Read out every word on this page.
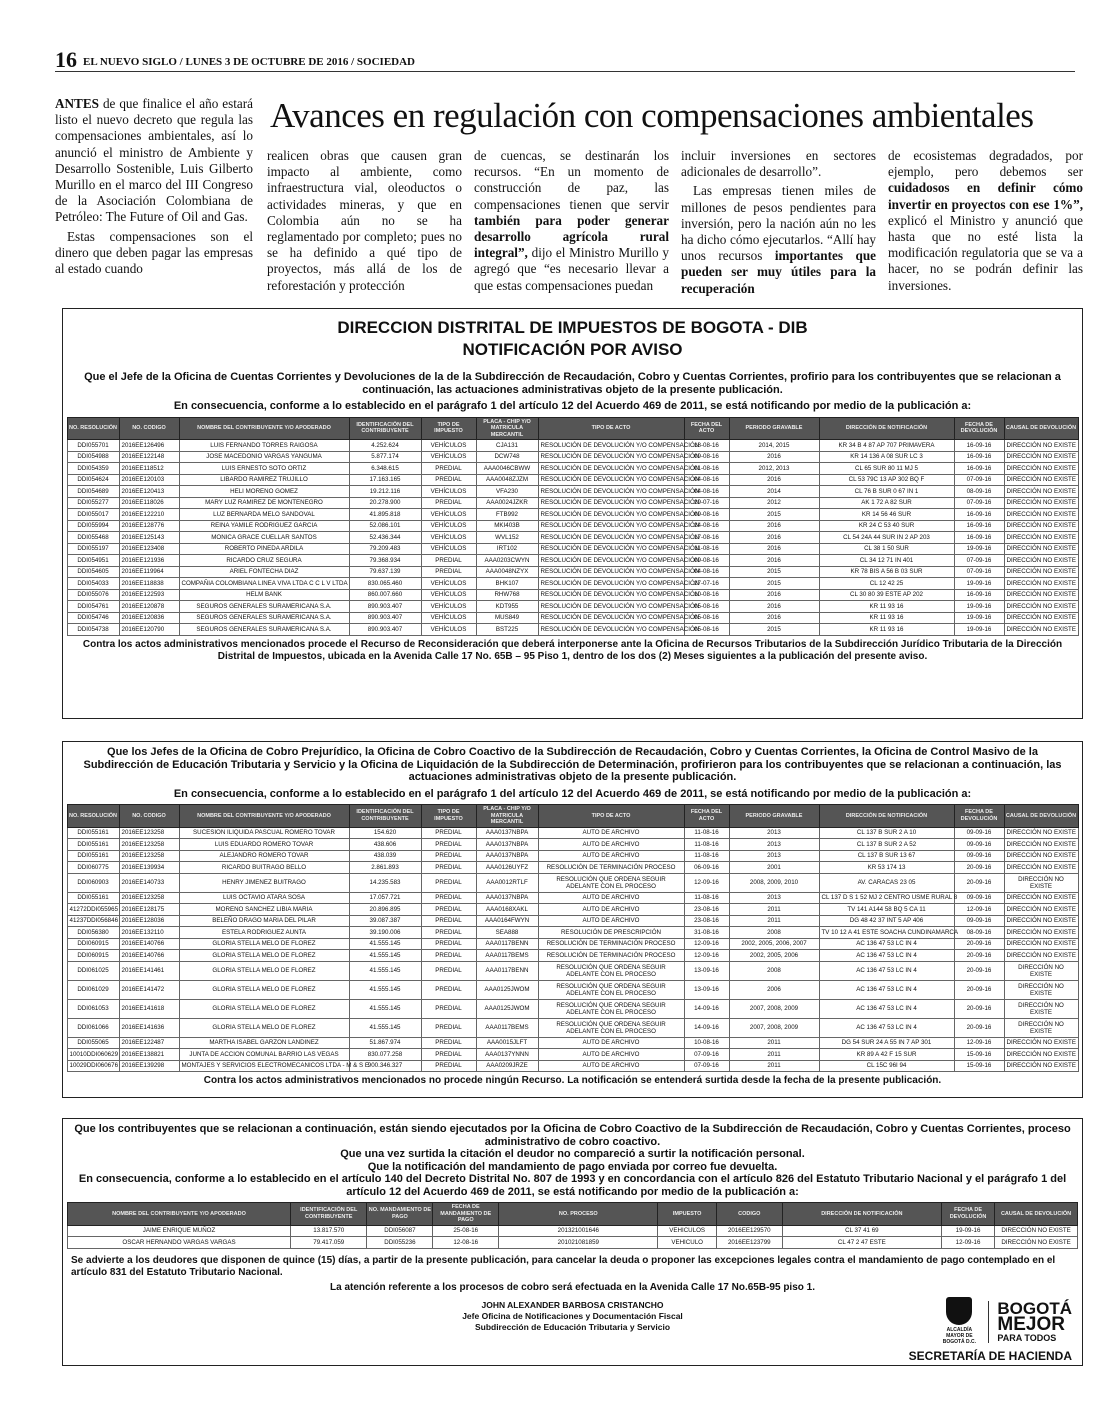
16 EL NUEVO SIGLO / LUNES 3 DE OCTUBRE DE 2016 / SOCIEDAD

ANTES de que finalice el año estará listo el nuevo decreto que regula las compensaciones ambientales, así lo anunció el ministro de Ambiente y Desarrollo Sostenible, Luis Gilberto Murillo en el marco del III Congreso de la Asociación Colombiana de Petróleo: The Future of Oil and Gas.

Estas compensaciones son el dinero que deben pagar las empresas al estado cuando

Avances en regulación con compensaciones ambientales

realicen obras que causen gran impacto al ambiente, como infraestructura vial, oleoductos o actividades mineras, y que en Colombia aún no se ha reglamentado por completo; pues no se ha definido a qué tipo de proyectos, más allá de los de reforestación y protección

de cuencas, se destinarán los recursos. “En un momento de construcción de paz, las compensaciones tienen que servir también para poder generar desarrollo agrícola rural integral”, dijo el Ministro Murillo y agregó que “es necesario llevar a que estas compensaciones puedan

incluir inversiones en sectores adicionales de desarrollo”.

Las empresas tienen miles de millones de pesos pendientes para inversión, pero la nación aún no les ha dicho cómo ejecutarlos. “Allí hay unos recursos importantes que pueden ser muy útiles para la recuperación

de ecosistemas degradados, por ejemplo, pero debemos ser cuidadosos en definir cómo invertir en proyectos con ese 1%”, explicó el Ministro y anunció que hasta que no esté lista la modificación regulatoria que se va a hacer, no se podrán definir las inversiones.

DIRECCION DISTRITAL DE IMPUESTOS DE BOGOTA - DIB
NOTIFICACIÓN POR AVISO
Que el Jefe de la Oficina de Cuentas Corrientes y Devoluciones de la de la Subdirección de Recaudación, Cobro y Cuentas Corrientes, profirio para los contribuyentes que se relacionan a continuación, las actuaciones administrativas objeto de la presente publicación.
En consecuencia, conforme a lo establecido en el parágrafo 1 del artículo 12 del Acuerdo 469 de 2011, se está notificando por medio de la publicación a:
NO. RESOLUCIÓN	NO. CODIGO	NOMBRE DEL CONTRIBUYENTE Y/O APODERADO	IDENTIFICACIÓN DEL CONTRIBUYENTE	TIPO DE IMPUESTO	PLACA - CHIP Y/O MATRICULA MERCANTIL	TIPO DE ACTO	FECHA DEL ACTO	PERIODO GRAVABLE	DIRECCIÓN DE NOTIFICACIÓN	FECHA DE DEVOLUCIÓN	CAUSAL DE DEVOLUCIÓN
DDI055701	2016EE126496	LUIS FERNANDO TORRES RAIGOSA	4.252.624	VEHÍCULOS	CJA131	RESOLUCIÓN DE DEVOLUCIÓN Y/O COMPENSACIÓN	18-08-16	2014, 2015	KR 34 B 4 87 AP 707 PRIMAVERA	16-09-16	DIRECCIÓN NO EXISTE
DDI054988	2016EE122148	JOSE MACEDONIO VARGAS YANGUMA	5.877.174	VEHÍCULOS	DCW748	RESOLUCIÓN DE DEVOLUCIÓN Y/O COMPENSACIÓN	09-08-16	2016	KR 14 136 A 08 SUR LC 3	16-09-16	DIRECCIÓN NO EXISTE
DDI054359	2016EE118512	LUIS ERNESTO SOTO ORTIZ	6.348.615	PREDIAL	AAA0046CBWW	RESOLUCIÓN DE DEVOLUCIÓN Y/O COMPENSACIÓN	01-08-16	2012, 2013	CL 65 SUR 80 11 MJ 5	16-09-16	DIRECCIÓN NO EXISTE
DDI054624	2016EE120103	LIBARDO RAMIREZ TRUJILLO	17.163.165	PREDIAL	AAA0048ZJZM	RESOLUCIÓN DE DEVOLUCIÓN Y/O COMPENSACIÓN	04-08-16	2016	CL 53 79C 13 AP 302 BQ F	07-09-16	DIRECCIÓN NO EXISTE
DDI054689	2016EE120413	HELI MORENO GOMEZ	19.212.116	VEHÍCULOS	VFA230	RESOLUCIÓN DE DEVOLUCIÓN Y/O COMPENSACIÓN	04-08-16	2014	CL 76 B SUR 0 67 IN 1	08-09-16	DIRECCIÓN NO EXISTE
DDI055277	2016EE118026	MARY LUZ RAMIREZ DE MONTENEGRO	20.278.900	PREDIAL	AAA0024JZKR	RESOLUCIÓN DE DEVOLUCIÓN Y/O COMPENSACIÓN	29-07-16	2012	AK 1 72 A 82 SUR	07-09-16	DIRECCIÓN NO EXISTE
DDI055017	2016EE122210	LUZ BERNARDA MELO SANDOVAL	41.895.818	VEHÍCULOS	FTB992	RESOLUCIÓN DE DEVOLUCIÓN Y/O COMPENSACIÓN	09-08-16	2015	KR 14 56 46 SUR	16-09-16	DIRECCIÓN NO EXISTE
DDI055994	2016EE128776	REINA YAMILE RODRIGUEZ GARCIA	52.086.101	VEHÍCULOS	MKI403B	RESOLUCIÓN DE DEVOLUCIÓN Y/O COMPENSACIÓN	24-08-16	2016	KR 24 C 53 40 SUR	16-09-16	DIRECCIÓN NO EXISTE
DDI055468	2016EE125143	MONICA GRACE CUELLAR SANTOS	52.436.344	VEHÍCULOS	WVL152	RESOLUCIÓN DE DEVOLUCIÓN Y/O COMPENSACIÓN	17-08-16	2016	CL 54 24A 44 SUR IN 2 AP 203	16-09-16	DIRECCIÓN NO EXISTE
DDI055197	2016EE123408	ROBERTO PINEDA ARDILA	79.209.483	VEHÍCULOS	IRT102	RESOLUCIÓN DE DEVOLUCIÓN Y/O COMPENSACIÓN	11-08-16	2016	CL 38 1 50 SUR	19-09-16	DIRECCIÓN NO EXISTE
DDI054951	2016EE121936	RICARDO CRUZ SEGURA	79.368.934	PREDIAL	AAA0203CWYN	RESOLUCIÓN DE DEVOLUCIÓN Y/O COMPENSACIÓN	09-08-16	2016	CL 34 12 71 IN 401	07-09-16	DIRECCIÓN NO EXISTE
DDI054605	2016EE119964	ARIEL FONTECHA DIAZ	79.637.139	PREDIAL	AAA0048NZYX	RESOLUCIÓN DE DEVOLUCIÓN Y/O COMPENSACIÓN	04-08-16	2015	KR 78 BIS A 56 B 03 SUR	07-09-16	DIRECCIÓN NO EXISTE
DDI054033	2016EE118838	COMPAÑIA COLOMBIANA LINEA VIVA LTDA C C L V LTDA	830.065.460	VEHÍCULOS	BHK107	RESOLUCIÓN DE DEVOLUCIÓN Y/O COMPENSACIÓN	27-07-16	2015	CL 12 42 25	19-09-16	DIRECCIÓN NO EXISTE
DDI055076	2016EE122593	HELM BANK	860.007.660	VEHÍCULOS	RHW768	RESOLUCIÓN DE DEVOLUCIÓN Y/O COMPENSACIÓN	10-08-16	2016	CL 30 80 39 ESTE AP 202	16-09-16	DIRECCIÓN NO EXISTE
DDI054761	2016EE120878	SEGUROS GENERALES SURAMERICANA S.A.	890.903.407	VEHÍCULOS	KDT955	RESOLUCIÓN DE DEVOLUCIÓN Y/O COMPENSACIÓN	05-08-16	2016	KR 11 93 16	19-09-16	DIRECCIÓN NO EXISTE
DDI054746	2016EE120836	SEGUROS GENERALES SURAMERICANA S.A.	890.903.407	VEHÍCULOS	MUS849	RESOLUCIÓN DE DEVOLUCIÓN Y/O COMPENSACIÓN	05-08-16	2016	KR 11 93 16	19-09-16	DIRECCIÓN NO EXISTE
DDI054738	2016EE120790	SEGUROS GENERALES SURAMERICANA S.A.	890.903.407	VEHÍCULOS	BST225	RESOLUCIÓN DE DEVOLUCIÓN Y/O COMPENSACIÓN	05-08-16	2015	KR 11 93 16	19-09-16	DIRECCIÓN NO EXISTE
Contra los actos administrativos mencionados procede el Recurso de Reconsideración que deberá interponerse ante la Oficina de Recursos Tributarios de la Subdirección Jurídico Tributaria de la Dirección Distrital de Impuestos, ubicada en la Avenida Calle 17 No. 65B – 95 Piso 1, dentro de los dos (2) Meses siguientes a la publicación del presente aviso.
Que los Jefes de la Oficina de Cobro Prejurídico, la Oficina de Cobro Coactivo de la Subdirección de Recaudación, Cobro y Cuentas Corrientes, la Oficina de Control Masivo de la Subdirección de Educación Tributaria y Servicio y la Oficina de Liquidación de la Subdirección de Determinación, profirieron para los contribuyentes que se relacionan a continuación, las actuaciones administrativas objeto de la presente publicación.
En consecuencia, conforme a lo establecido en el parágrafo 1 del artículo 12 del Acuerdo 469 de 2011, se está notificando por medio de la publicación a:
NO. RESOLUCIÓN	NO. CODIGO	NOMBRE DEL CONTRIBUYENTE Y/O APODERADO	IDENTIFICACIÓN DEL CONTRIBUYENTE	TIPO DE IMPUESTO	PLACA - CHIP Y/O MATRICULA MERCANTIL	TIPO DE ACTO	FECHA DEL ACTO	PERIODO GRAVABLE	DIRECCIÓN DE NOTIFICACIÓN	FECHA DE DEVOLUCIÓN	CAUSAL DE DEVOLUCIÓN
DDI055161	2016EE123258	SUCESION ILIQUIDA PASCUAL ROMERO TOVAR	154.620	PREDIAL	AAA0137NBPA	AUTO DE ARCHIVO	11-08-16	2013	CL 137 B SUR 2 A 10	09-09-16	DIRECCIÓN NO EXISTE
DDI055161	2016EE123258	LUIS EDUARDO ROMERO TOVAR	438.606	PREDIAL	AAA0137NBPA	AUTO DE ARCHIVO	11-08-16	2013	CL 137 B SUR 2 A 52	09-09-16	DIRECCIÓN NO EXISTE
DDI055161	2016EE123258	ALEJANDRO ROMERO TOVAR	438.039	PREDIAL	AAA0137NBPA	AUTO DE ARCHIVO	11-08-16	2013	CL 137 B SUR 13 67	09-09-16	DIRECCIÓN NO EXISTE
DDI060775	2016EE139934	RICARDO BUITRAGO BELLO	2.861.893	PREDIAL	AAA0126UYFZ	RESOLUCIÓN DE TERMINACIÓN PROCESO	06-09-16	2001	KR 53 174 13	20-09-16	DIRECCIÓN NO EXISTE
DDI060903	2016EE140733	HENRY JIMENEZ BUITRAGO	14.235.583	PREDIAL	AAA0012RTLF	RESOLUCIÓN QUE ORDENA SEGUIR ADELANTE CON EL PROCESO	12-09-16	2008, 2009, 2010	AV. CARACAS 23 05	20-09-16	DIRECCIÓN NO EXISTE
DDI055161	2016EE123258	LUIS OCTAVIO ATARA SOSA	17.057.721	PREDIAL	AAA0137NBPA	AUTO DE ARCHIVO	11-08-16	2013	CL 137 D S 1 52 MJ 2 CENTRO USME RURAL 8	09-09-16	DIRECCIÓN NO EXISTE
41272DDI055965	2016EE128175	MORENO SANCHEZ LIBIA MARIA	20.896.895	PREDIAL	AAA0168XAKL	AUTO DE ARCHIVO	23-08-16	2011	TV 141 A144 58 BQ 5 CA 11	12-09-16	DIRECCIÓN NO EXISTE
41237DDI056846	2016EE128036	BELEÑO DRAGO MARIA DEL PILAR	39.087.387	PREDIAL	AAA0164FWYN	AUTO DE ARCHIVO	23-08-16	2011	DG 48 42 37 INT 5 AP 406	09-09-16	DIRECCIÓN NO EXISTE
DDI056380	2016EE132110	ESTELA RODRIGUEZ AUNTA	39.190.006	PREDIAL	SEA888	RESOLUCIÓN DE PRESCRIPCIÓN	31-08-16	2008	TV 10 12 A 41 ESTE SOACHA CUNDINAMARCA	08-09-16	DIRECCIÓN NO EXISTE
DDI060915	2016EE140766	GLORIA STELLA MELO DE FLOREZ	41.555.145	PREDIAL	AAA0117BENN	RESOLUCIÓN DE TERMINACIÓN PROCESO	12-09-16	2002, 2005, 2006, 2007	AC 136 47 53 LC IN 4	20-09-16	DIRECCIÓN NO EXISTE
DDI060915	2016EE140766	GLORIA STELLA MELO DE FLOREZ	41.555.145	PREDIAL	AAA0117BEMS	RESOLUCIÓN DE TERMINACIÓN PROCESO	12-09-16	2002, 2005, 2006	AC 136 47 53 LC IN 4	20-09-16	DIRECCIÓN NO EXISTE
DDI061025	2016EE141461	GLORIA STELLA MELO DE FLOREZ	41.555.145	PREDIAL	AAA0117BENN	RESOLUCIÓN QUE ORDENA SEGUIR ADELANTE CON EL PROCESO	13-09-16	2008	AC 136 47 53 LC IN 4	20-09-16	DIRECCIÓN NO EXISTE
DDI061029	2016EE141472	GLORIA STELLA MELO DE FLOREZ	41.555.145	PREDIAL	AAA0125JWOM	RESOLUCIÓN QUE ORDENA SEGUIR ADELANTE CON EL PROCESO	13-09-16	2006	AC 136 47 53 LC IN 4	20-09-16	DIRECCIÓN NO EXISTE
DDI061053	2016EE141618	GLORIA STELLA MELO DE FLOREZ	41.555.145	PREDIAL	AAA0125JWOM	RESOLUCIÓN QUE ORDENA SEGUIR ADELANTE CON EL PROCESO	14-09-16	2007, 2008, 2009	AC 136 47 53 LC IN 4	20-09-16	DIRECCIÓN NO EXISTE
DDI061066	2016EE141636	GLORIA STELLA MELO DE FLOREZ	41.555.145	PREDIAL	AAA0117BEMS	RESOLUCIÓN QUE ORDENA SEGUIR ADELANTE CON EL PROCESO	14-09-16	2007, 2008, 2009	AC 136 47 53 LC IN 4	20-09-16	DIRECCIÓN NO EXISTE
DDI055065	2016EE122487	MARTHA ISABEL GARZON LANDINEZ	51.867.974	PREDIAL	AAA0015JLFT	AUTO DE ARCHIVO	10-08-16	2011	DG 54 SUR 24 A 55 IN 7 AP 301	12-09-16	DIRECCIÓN NO EXISTE
10010DDI060629	2016EE138821	JUNTA DE ACCION COMUNAL BARRIO LAS VEGAS	830.077.258	PREDIAL	AAA0137YNNN	AUTO DE ARCHIVO	07-09-16	2011	KR 89 A 42 F 15 SUR	15-09-16	DIRECCIÓN NO EXISTE
10029DDI060676	2016EE139298	MONTAJES Y SERVICIOS ELECTROMECANICOS LTDA - M & S E	900.346.327	PREDIAL	AAA0209JRZE	AUTO DE ARCHIVO	07-09-16	2011	CL 15C 96I 94	15-09-16	DIRECCIÓN NO EXISTE
Contra los actos administrativos mencionados no procede ningún Recurso. La notificación se entenderá surtida desde la fecha de la presente publicación.
Que los contribuyentes que se relacionan a continuación, están siendo ejecutados por la Oficina de Cobro Coactivo de la Subdirección de Recaudación, Cobro y Cuentas Corrientes, proceso administrativo de cobro coactivo.
Que una vez surtida la citación el deudor no compareció a surtir la notificación personal.
Que la notificación del mandamiento de pago enviada por correo fue devuelta.
En consecuencia, conforme a lo establecido en el artículo 140 del Decreto Distrital No. 807 de 1993 y en concordancia con el artículo 826 del Estatuto Tributario Nacional y el parágrafo 1 del artículo 12 del Acuerdo 469 de 2011, se está notificando por medio de la publicación a:
NOMBRE DEL CONTRIBUYENTE Y/O APODERADO	IDENTIFICACIÓN DEL CONTRIBUYENTE	NO. MANDAMIENTO DE PAGO	FECHA DE MANDAMIENTO DE PAGO	NO. PROCESO	IMPUESTO	CODIGO	DIRECCIÓN DE NOTIFICACIÓN	FECHA DE DEVOLUCIÓN	CAUSAL DE DEVOLUCIÓN
JAIME ENRIQUE MUÑOZ	13.817.570	DDI056087	25-08-16	201321001646	VEHICULOS	2016EE129570	CL 37 41 69	19-09-16	DIRECCIÓN NO EXISTE
OSCAR HERNANDO VARGAS VARGAS	79.417.059	DDI055236	12-08-16	201021081859	VEHICULO	2016EE123799	CL 47 2 47 ESTE	12-09-16	DIRECCIÓN NO EXISTE
Se advierte a los deudores que disponen de quince (15) días, a partir de la presente publicación, para cancelar la deuda o proponer las excepciones legales contra el mandamiento de pago contemplado en el artículo 831 del Estatuto Tributario Nacional.
La atención referente a los procesos de cobro será efectuada en la Avenida Calle 17 No.65B-95 piso 1.
JOHN ALEXANDER BARBOSA CRISTANCHO
Jefe Oficina de Notificaciones y Documentación Fiscal
Subdirección de Educación Tributaria y Servicio	ALCALDÍA MAYOR DE BOGOTÁ D.C.
BOGOTÁ
MEJOR
PARA TODOS
SECRETARÍA DE HACIENDA
